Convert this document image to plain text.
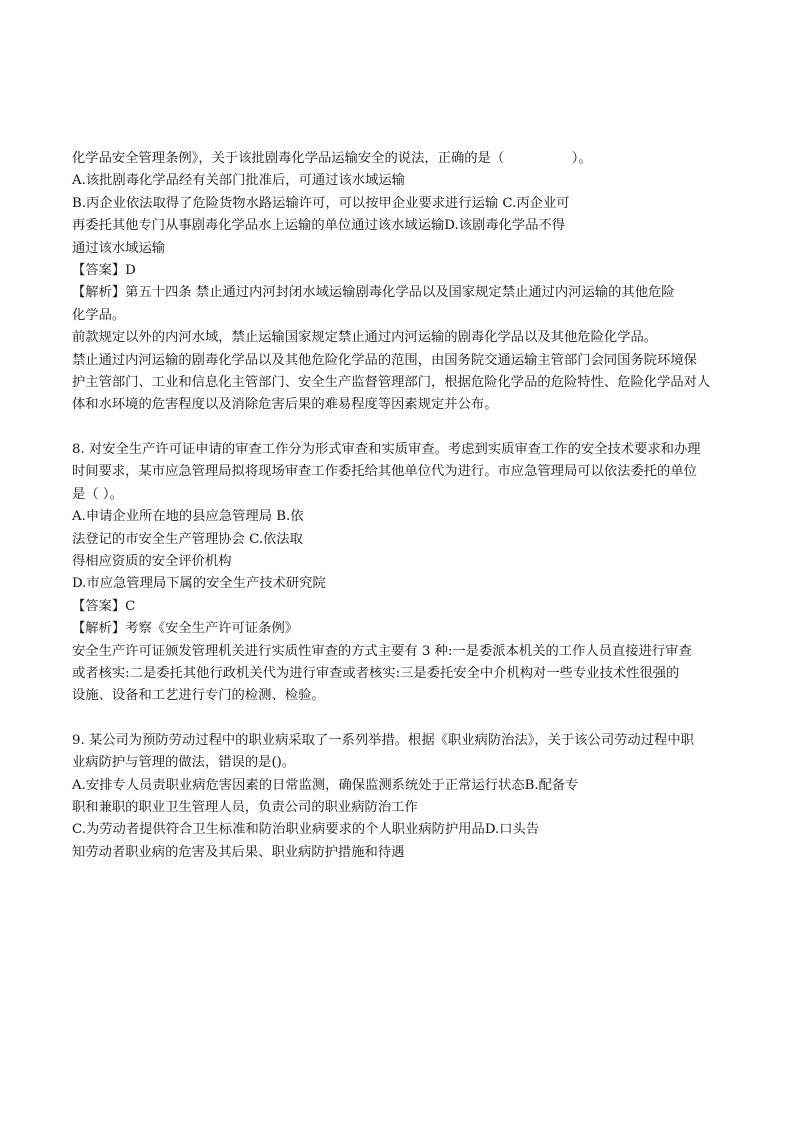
化学品安全管理条例》，关于该批剧毒化学品运输安全的说法，正确的是（                ）。

A.该批剧毒化学品经有关部门批准后，可通过该水域运输

B.丙企业依法取得了危险货物水路运输许可，可以按甲企业要求进行运输 C.丙企业可

再委托其他专门从事剧毒化学品水上运输的单位通过该水域运输D.该剧毒化学品不得

通过该水域运输

【答案】D

【解析】第五十四条 禁止通过内河封闭水域运输剧毒化学品以及国家规定禁止通过内河运输的其他危险

化学品。

前款规定以外的内河水域，禁止运输国家规定禁止通过内河运输的剧毒化学品以及其他危险化学品。

禁止通过内河运输的剧毒化学品以及其他危险化学品的范围，由国务院交通运输主管部门会同国务院环境保

护主管部门、工业和信息化主管部门、安全生产监督管理部门，根据危险化学品的危险特性、危险化学品对人

体和水环境的危害程度以及消除危害后果的难易程度等因素规定并公布。

8. 对安全生产许可证申请的审查工作分为形式审查和实质审查。考虑到实质审查工作的安全技术要求和办理

时间要求，某市应急管理局拟将现场审查工作委托给其他单位代为进行。市应急管理局可以依法委托的单位

是（ ）。

A.申请企业所在地的县应急管理局 B.依

法登记的市安全生产管理协会 C.依法取

得相应资质的安全评价机构

D.市应急管理局下属的安全生产技术研究院

【答案】C

【解析】考察《安全生产许可证条例》

安全生产许可证颁发管理机关进行实质性审查的方式主要有 3 种:一是委派本机关的工作人员直接进行审查

或者核实:二是委托其他行政机关代为进行审查或者核实:三是委托安全中介机构对一些专业技术性很强的

设施、设备和工艺进行专门的检测、检验。

9. 某公司为预防劳动过程中的职业病采取了一系列举措。根据《职业病防治法》，关于该公司劳动过程中职

业病防护与管理的做法，错误的是()。

A.安排专人员责职业病危害因素的日常监测，确保监测系统处于正常运行状态B.配备专

职和兼职的职业卫生管理人员，负责公司的职业病防治工作

C.为劳动者提供符合卫生标准和防治职业病要求的个人职业病防护用品D.口头告

知劳动者职业病的危害及其后果、职业病防护措施和待遇
